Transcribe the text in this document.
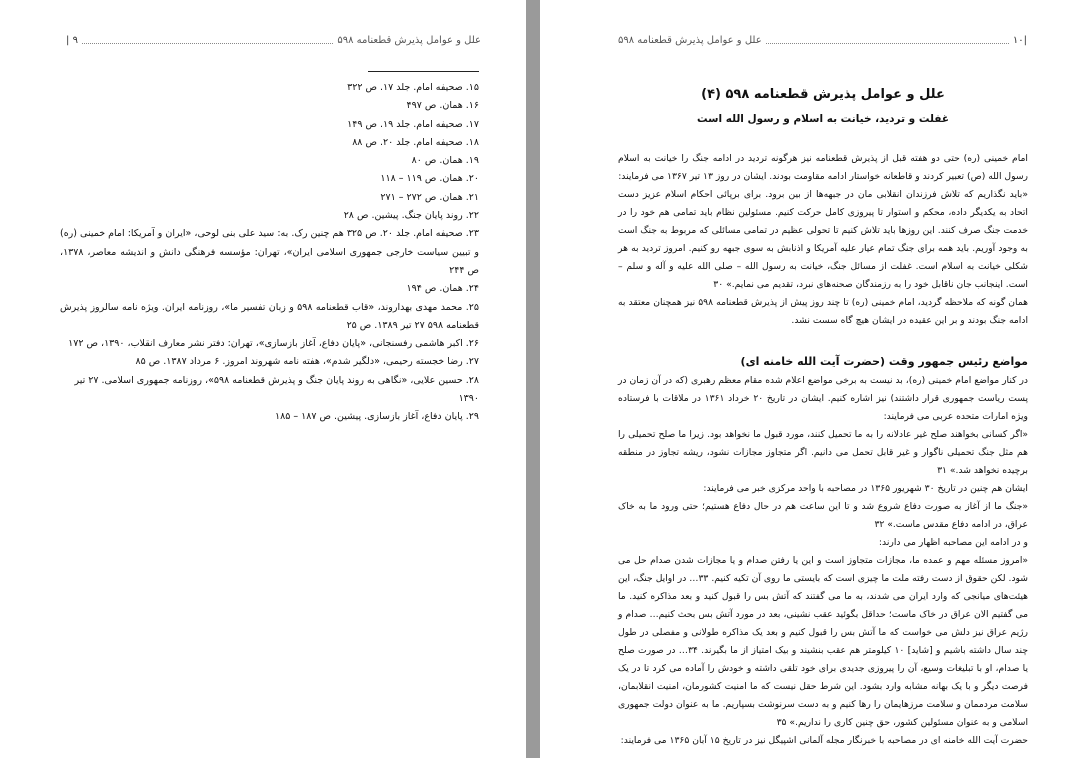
علل و عوامل پذیرش قطعنامه ۵۹۸
۹ |
۱۵. صحیفه امام. جلد ۱۷. ص ۳۲۲
۱۶. همان. ص ۴۹۷
۱۷. صحیفه امام. جلد ۱۹. ص ۱۴۹
۱۸. صحیفه امام. جلد ۲۰. ص ۸۸
۱۹. همان. ص ۸۰
۲۰. همان. ص ۱۱۹ – ۱۱۸
۲۱. همان. ص ۲۷۲ – ۲۷۱
۲۲. روند پایان جنگ. پیشین. ص ۲۸
۲۳. صحیفه امام. جلد ۲۰. ص ۳۲۵ هم چنین رک. به: سید علی بنی لوحی، «ایران و آمریکا: امام خمینی (ره) و تبیین سیاست خارجی جمهوری اسلامی ایران»، تهران: مؤسسه فرهنگی دانش و اندیشه معاصر، ۱۳۷۸، ص ۲۴۴
۲۴. همان. ص ۱۹۴
۲۵. محمد مهدی بهداروند، «قاب قطعنامه ۵۹۸ و زبان تفسیر ما»، روزنامه ایران. ویژه نامه سالروز پذیرش قطعنامه ۵۹۸ ۲۷ تیر ۱۳۸۹. ص ۲۵
۲۶. اکبر هاشمی رفسنجانی، «پایان دفاع، آغاز بازسازی»، تهران: دفتر نشر معارف انقلاب، ۱۳۹۰، ص ۱۷۲
۲۷. رضا خجسته رحیمی، «دلگیر شدم»، هفته نامه شهروند امروز. ۶ مرداد ۱۳۸۷. ص ۸۵
۲۸. حسین علایی، «نگاهی به روند پایان جنگ و پذیرش قطعنامه ۵۹۸»، روزنامه جمهوری اسلامی. ۲۷ تیر ۱۳۹۰
۲۹. پایان دفاع، آغاز بازسازی. پیشین. ص ۱۸۷ – ۱۸۵
|۱۰
علل و عوامل پذیرش قطعنامه ۵۹۸
علل و عوامل پذیرش قطعنامه ۵۹۸ (۴)
غفلت و تردید، خیانت به اسلام و رسول الله است

امام خمینی (ره) حتی دو هفته قبل از پذیرش قطعنامه نیز هرگونه تردید در ادامه جنگ را خیانت به اسلام رسول الله (ص) تعبیر کردند و قاطعانه خواستار ادامه مقاومت بودند. ایشان در روز ۱۳ تیر ۱۳۶۷ می فرمایند:

«باید نگذاریم که تلاش فرزندان انقلابی مان در جبهه‌ها از بین برود. برای برپائی احکام اسلام عزیز دست اتحاد به یکدیگر داده، محکم و استوار تا پیروزی کامل حرکت کنیم. مسئولین نظام باید تمامی هم خود را در خدمت جنگ صرف کنند. این روزها باید تلاش کنیم تا تحولی عظیم در تمامی مسائلی که مربوط به جنگ است به وجود آوریم. باید همه برای جنگ تمام عیار علیه آمریکا و اذنابش به سوی جبهه رو کنیم. امروز تردید به هر شکلی خیانت به اسلام است. غفلت از مسائل جنگ، خیانت به رسول الله – صلی الله علیه و آله و سلم – است. اینجانب جان ناقابل خود را به رزمندگان صحنه‌های نبرد، تقدیم می نمایم.» ۳۰

همان گونه که ملاحظه گردید، امام خمینی (ره) تا چند روز پیش از پذیرش قطعنامه ۵۹۸ نیز همچنان معتقد به ادامه جنگ بودند و بر این عقیده در ایشان هیچ گاه سست نشد.

مواضع رئیس جمهور وقت (حضرت آیت الله خامنه ای)

در کنار مواضع امام خمینی (ره)، بد نیست به برخی مواضع اعلام شده مقام معظم رهبری (که در آن زمان در پست ریاست جمهوری قرار داشتند) نیز اشاره کنیم. ایشان در تاریخ ۲۰ خرداد ۱۳۶۱ در ملاقات با فرستاده ویژه امارات متحده عربی می فرمایند:

«اگر کسانی بخواهند صلح غیر عادلانه را به ما تحمیل کنند، مورد قبول ما نخواهد بود. زیرا ما صلح تحمیلی را هم مثل جنگ تحمیلی ناگوار و غیر قابل تحمل می دانیم. اگر متجاوز مجازات نشود، ریشه تجاوز در منطقه برچیده نخواهد شد.» ۳۱

ایشان هم چنین در تاریخ ۳۰ شهریور ۱۳۶۵ در مصاحبه با واحد مرکزی خبر می فرمایند:

«جنگ ما از آغاز به صورت دفاع شروع شد و تا این ساعت هم در حال دفاع هستیم؛ حتی ورود ما به خاک عراق، در ادامه دفاع مقدس ماست.» ۳۲

و در ادامه این مصاحبه اظهار می دارند:

«امروز مسئله مهم و عمده ما، مجازات متجاوز است و این یا رفتن صدام و یا مجازات شدن صدام حل می شود. لکن حقوق از دست رفته ملت ما چیزی است که بایستی ما روی آن تکیه کنیم. ۳۳… در اوایل جنگ، این هیئت‌های میانجی که وارد ایران می شدند، به ما می گفتند که آتش بس را قبول کنید و بعد مذاکره کنید. ما می گفتیم الان عراق در خاک ماست؛ حداقل بگوئید عقب نشینی، بعد در مورد آتش بس بحث کنیم… صدام و رژیم عراق نیز دلش می خواست که ما آتش بس را قبول کنیم و بعد یک مذاکره طولانی و مفصلی در طول چند سال داشته باشیم و [شاید] ۱۰ کیلومتر هم عقب بنشیند و بیک امتیاز از ما بگیرند. ۳۴… در صورت صلح یا صدام، او با تبلیغات وسیع، آن را پیروزی جدیدی برای خود تلقی داشته و خودش را آماده می کرد تا در یک فرصت دیگر و با یک بهانه مشابه وارد بشود. این شرط حقل نیست که ما امنیت کشورمان، امنیت انقلابمان، سلامت مردممان و سلامت مرزهایمان را رها کنیم و به دست سرنوشت بسپاریم. ما به عنوان دولت جمهوری اسلامی و به عنوان مسئولین کشور، حق چنین کاری را نداریم.» ۳۵

حضرت آیت الله خامنه ای در مصاحبه با خبرنگار مجله آلمانی اشپیگل نیز در تاریخ ۱۵ آبان ۱۳۶۵ می فرمایند:
